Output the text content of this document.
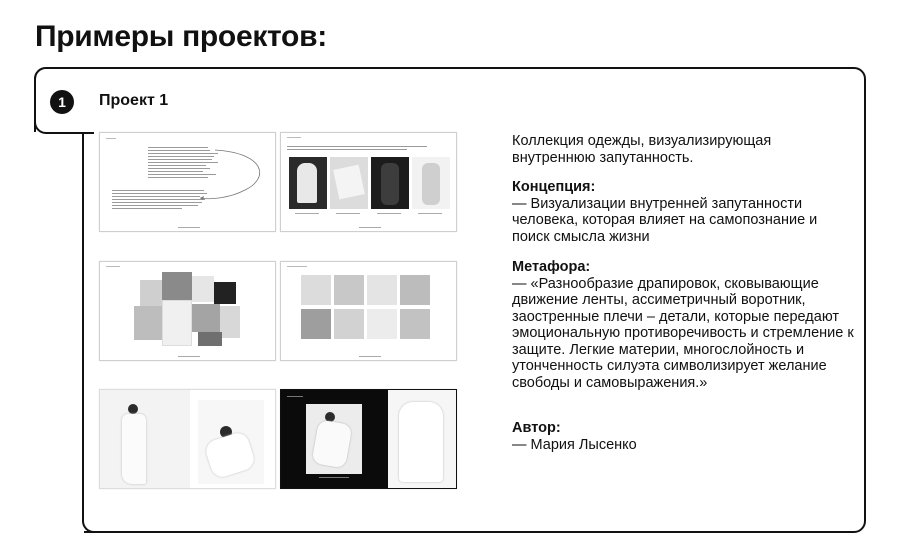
Примеры проектов:
1	Проект 1
Коллекция одежды, визуализирующая внутреннюю запутанность.
Концепция:
— Визуализации внутренней запутанности человека, которая влияет на самопознание и поиск смысла жизни
Метафора:
— «Разнообразие драпировок, сковывающие движение ленты, ассиметричный воротник, заостренные плечи – детали, которые передают эмоциональную противоречивость и стремление к защите. Легкие материи, многослойность и утонченность силуэта символизирует желание свободы и самовыражения.»
Автор:
— Мария Лысенко
